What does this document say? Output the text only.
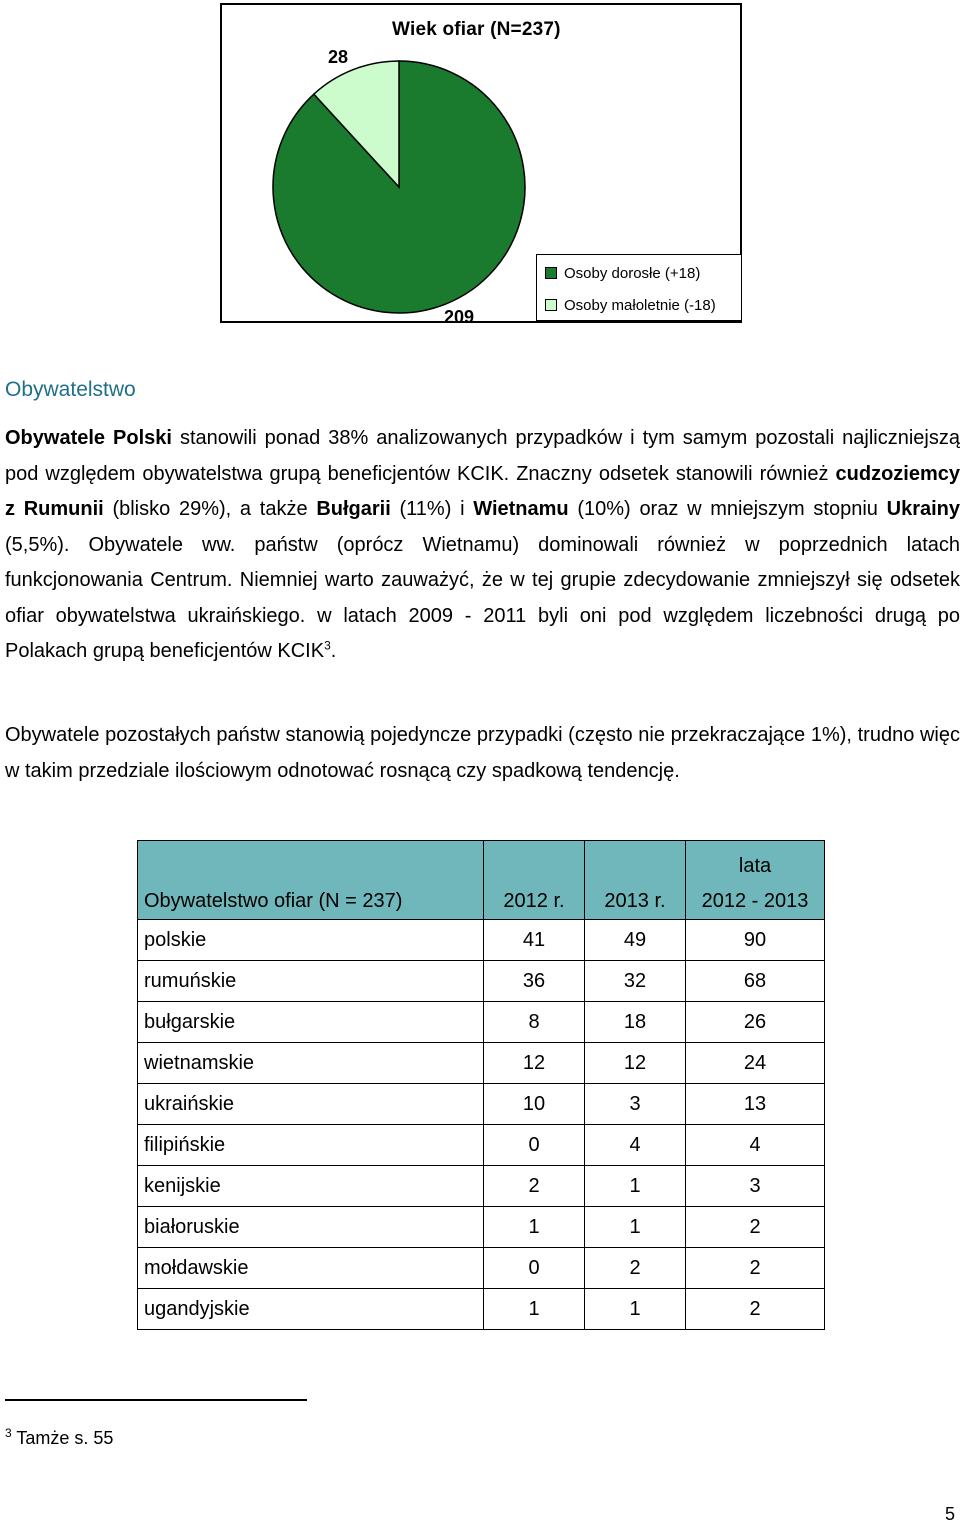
Wiek ofiar (N=237)
28
209
Osoby dorosłe (+18)
Osoby małoletnie (-18)
Obywatelstwo

Obywatele Polski stanowili ponad 38% analizowanych przypadków i tym samym pozostali najliczniejszą pod względem obywatelstwa grupą beneficjentów KCIK. Znaczny odsetek stanowili również cudzoziemcy z Rumunii (blisko 29%), a także Bułgarii (11%) i Wietnamu (10%) oraz w mniejszym stopniu Ukrainy (5,5%). Obywatele ww. państw (oprócz Wietnamu) dominowali również w poprzednich latach funkcjonowania Centrum. Niemniej warto zauważyć, że w tej grupie zdecydowanie zmniejszył się odsetek ofiar obywatelstwa ukraińskiego. w latach 2009 - 2011 byli oni pod względem liczebności drugą po Polakach grupą beneficjentów KCIK$^3$.

Obywatele pozostałych państw stanowią pojedyncze przypadki (często nie przekraczające 1%), trudno więc w takim przedziale ilościowym odnotować rosnącą czy spadkową tendencję.

Obywatelstwo ofiar (N = 237)	2012 r.	2013 r.	lata
2012 - 2013

polskie	41	49	90
rumuńskie	36	32	68
bułgarskie	8	18	26
wietnamskie	12	12	24
ukraińskie	10	3	13
filipińskie	0	4	4
kenijskie	2	1	3
białoruskie	1	1	2
mołdawskie	0	2	2
ugandyjskie	1	1	2
$^3$ Tamże s. 55
5
